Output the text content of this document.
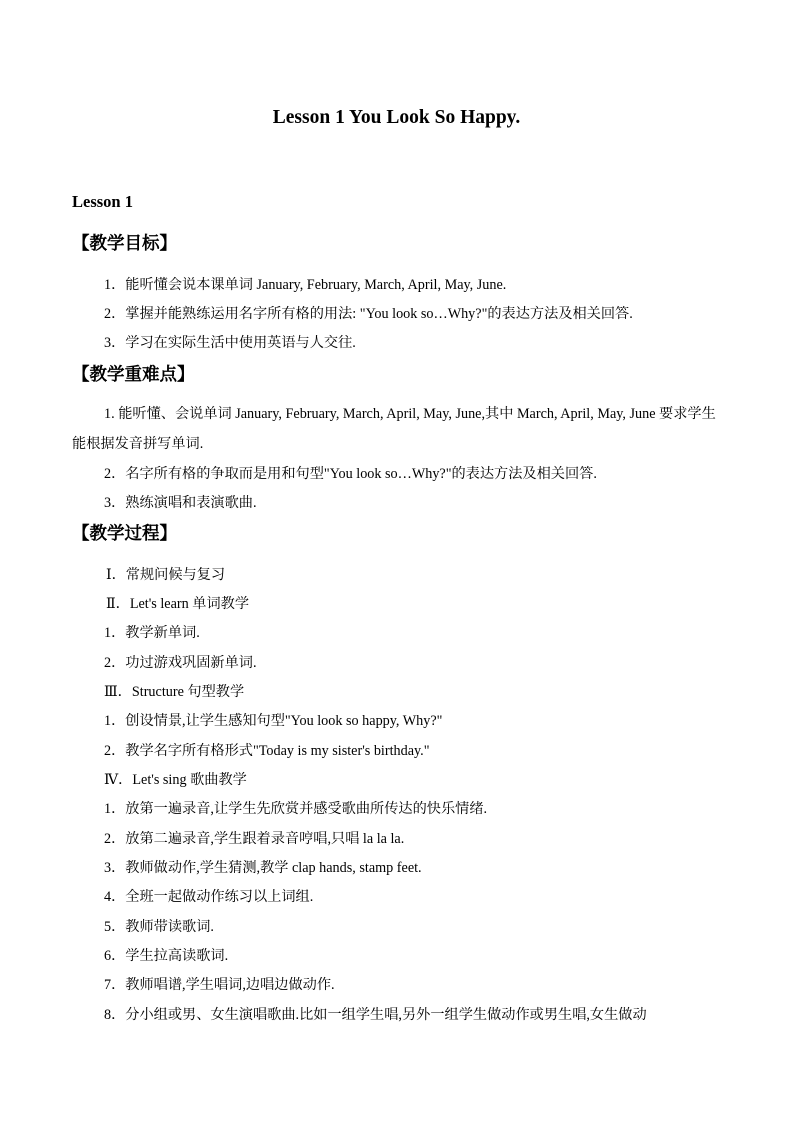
Lesson 1 You Look So Happy.
Lesson 1
【教学目标】
1．能听懂会说本课单词 January, February, March, April, May, June.
2．掌握并能熟练运用名字所有格的用法: "You look so…Why?"的表达方法及相关回答.
3．学习在实际生活中使用英语与人交往.
【教学重难点】
1. 能听懂、会说单词 January, February, March, April, May, June,其中 March, April, May, June 要求学生能根据发音拼写单词.
2．名字所有格的争取而是用和句型"You look so…Why?"的表达方法及相关回答.
3．熟练演唱和表演歌曲.
【教学过程】
Ⅰ．常规问候与复习
Ⅱ．Let's learn 单词教学
1．教学新单词.
2．功过游戏巩固新单词.
Ⅲ．Structure 句型教学
1．创设情景,让学生感知句型"You look so happy, Why?"
2．教学名字所有格形式"Today is my sister's birthday."
Ⅳ．Let's sing 歌曲教学
1．放第一遍录音,让学生先欣赏并感受歌曲所传达的快乐情绪.
2．放第二遍录音,学生跟着录音哼唱,只唱 la la la.
3．教师做动作,学生猜测,教学 clap hands, stamp feet.
4．全班一起做动作练习以上词组.
5．教师带读歌词.
6．学生拉高读歌词.
7．教师唱谱,学生唱词,边唱边做动作.
8．分小组或男、女生演唱歌曲.比如一组学生唱,另外一组学生做动作或男生唱,女生做动
